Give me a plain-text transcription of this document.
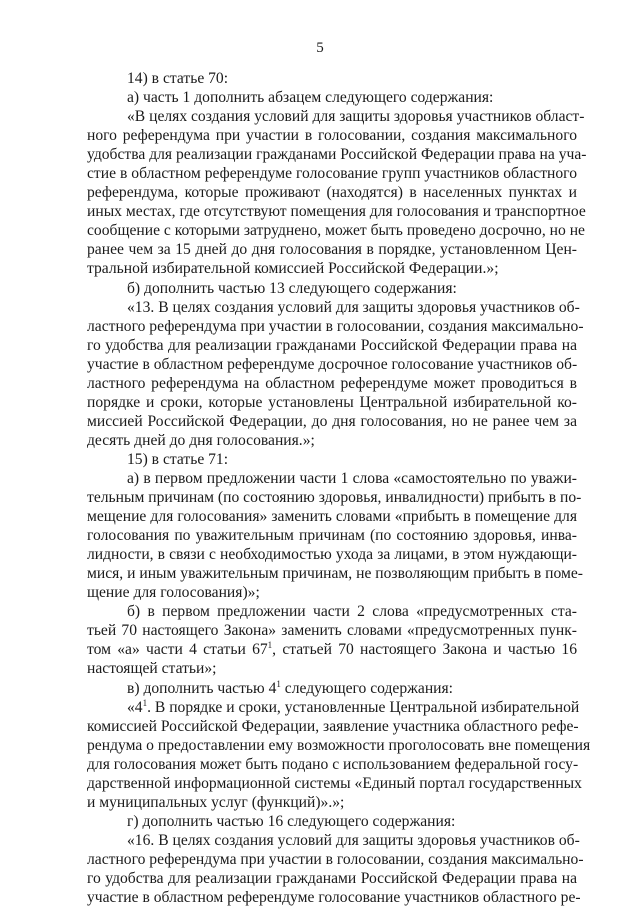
5
14) в статье 70:
а) часть 1 дополнить абзацем следующего содержания:
«В целях создания условий для защиты здоровья участников област-
ного референдума при участии в голосовании, создания максимального
удобства для реализации гражданами Российской Федерации права на уча-
стие в областном референдуме голосование групп участников областного
референдума, которые проживают (находятся) в населенных пунктах и
иных местах, где отсутствуют помещения для голосования и транспортное
сообщение с которыми затруднено, может быть проведено досрочно, но не
ранее чем за 15 дней до дня голосования в порядке, установленном Цен-
тральной избирательной комиссией Российской Федерации.»;
б) дополнить частью 13 следующего содержания:
«13. В целях создания условий для защиты здоровья участников об-
ластного референдума при участии в голосовании, создания максимально-
го удобства для реализации гражданами Российской Федерации права на
участие в областном референдуме досрочное голосование участников об-
ластного референдума на областном референдуме может проводиться в
порядке и сроки, которые установлены Центральной избирательной ко-
миссией Российской Федерации, до дня голосования, но не ранее чем за
десять дней до дня голосования.»;
15) в статье 71:
а) в первом предложении части 1 слова «самостоятельно по уважи-
тельным причинам (по состоянию здоровья, инвалидности) прибыть в по-
мещение для голосования» заменить словами «прибыть в помещение для
голосования по уважительным причинам (по состоянию здоровья, инва-
лидности, в связи с необходимостью ухода за лицами, в этом нуждающи-
мися, и иным уважительным причинам, не позволяющим прибыть в поме-
щение для голосования)»;
б) в первом предложении части 2 слова «предусмотренных ста-
тьей 70 настоящего Закона» заменить словами «предусмотренных пунк-
том «а» части 4 статьи $67^1$, статьей 70 настоящего Закона и частью 16
настоящей статьи»;
в) дополнить частью $4^1$ следующего содержания:
«$4^1$. В порядке и сроки, установленные Центральной избирательной
комиссией Российской Федерации, заявление участника областного рефе-
рендума о предоставлении ему возможности проголосовать вне помещения
для голосования может быть подано с использованием федеральной госу-
дарственной информационной системы «Единый портал государственных
и муниципальных услуг (функций)».»;
г) дополнить частью 16 следующего содержания:
«16. В целях создания условий для защиты здоровья участников об-
ластного референдума при участии в голосовании, создания максимально-
го удобства для реализации гражданами Российской Федерации права на
участие в областном референдуме голосование участников областного ре-
